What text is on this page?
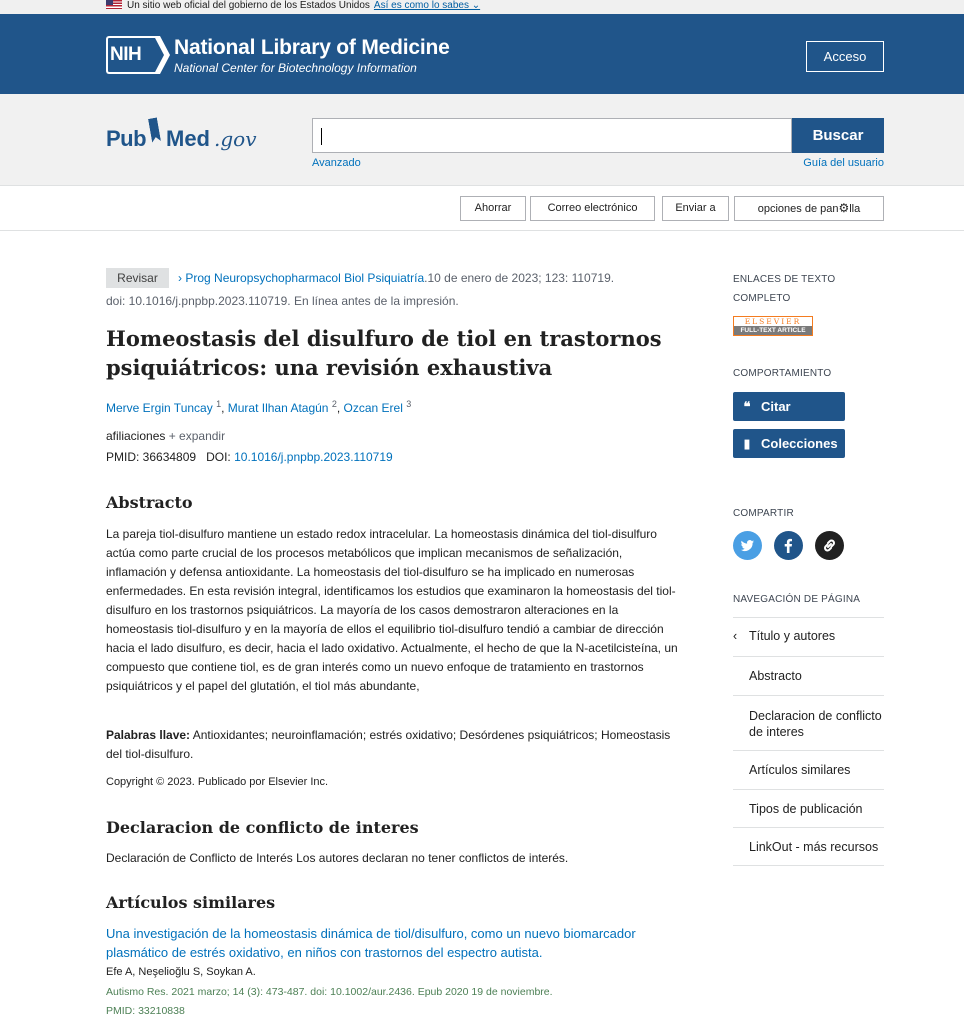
Un sitio web oficial del gobierno de los Estados Unidos Así es como lo sabes ⌄
NIH National Library of Medicine
National Center for Biotechnology Information
Acceso
Pub Med .gov	Buscar
Avanzado	Guía del usuario
Ahorrar	Correo electrónico	Enviar a	opciones de pan⚙lla
Revisar	› Prog Neuropsychopharmacol Biol Psiquiatría.10 de enero de 2023; 123: 110719.
doi: 10.1016/j.pnpbp.2023.110719. En línea antes de la impresión.
Homeostasis del disulfuro de tiol en trastornos psiquiátricos: una revisión exhaustiva
Merve Ergin Tuncay $^1$, Murat Ilhan Atagún $^2$, Ozcan Erel $^3$
afiliaciones + expandir
PMID: 36634809 DOI: 10.1016/j.pnpbp.2023.110719
Abstracto

La pareja tiol-disulfuro mantiene un estado redox intracelular. La homeostasis dinámica del tiol-disulfuro actúa como parte crucial de los procesos metabólicos que implican mecanismos de señalización, inflamación y defensa antioxidante. La homeostasis del tiol-disulfuro se ha implicado en numerosas enfermedades. En esta revisión integral, identificamos los estudios que examinaron la homeostasis del tiol-disulfuro en los trastornos psiquiátricos. La mayoría de los casos demostraron alteraciones en la homeostasis tiol-disulfuro y en la mayoría de ellos el equilibrio tiol-disulfuro tendió a cambiar de dirección hacia el lado disulfuro, es decir, hacia el lado oxidativo. Actualmente, el hecho de que la N-acetilcisteína, un compuesto que contiene tiol, es de gran interés como un nuevo enfoque de tratamiento en trastornos psiquiátricos y el papel del glutatión, el tiol más abundante,

Palabras llave: Antioxidantes; neuroinflamación; estrés oxidativo; Desórdenes psiquiátricos; Homeostasis del tiol-disulfuro.

Copyright © 2023. Publicado por Elsevier Inc.

Declaracion de conflicto de interes

Declaración de Conflicto de Interés Los autores declaran no tener conflictos de interés.

Artículos similares
Una investigación de la homeostasis dinámica de tiol/disulfuro, como un nuevo biomarcador plasmático de estrés oxidativo, en niños con trastornos del espectro autista.
Efe A, Neşelioğlu S, Soykan A.
Autismo Res. 2021 marzo; 14 (3): 473-487. doi: 10.1002/aur.2436. Epub 2020 19 de noviembre.
PMID: 33210838
ENLACES DE TEXTO
COMPLETO
ELSEVIER
FULL-TEXT ARTICLE
COMPORTAMIENTO
❝ Citar
▮ Colecciones
COMPARTIR
NAVEGACIÓN DE PÁGINA
‹ Título y autores
Abstracto
Declaracion de conflicto de interes
Artículos similares
Tipos de publicación
LinkOut - más recursos
